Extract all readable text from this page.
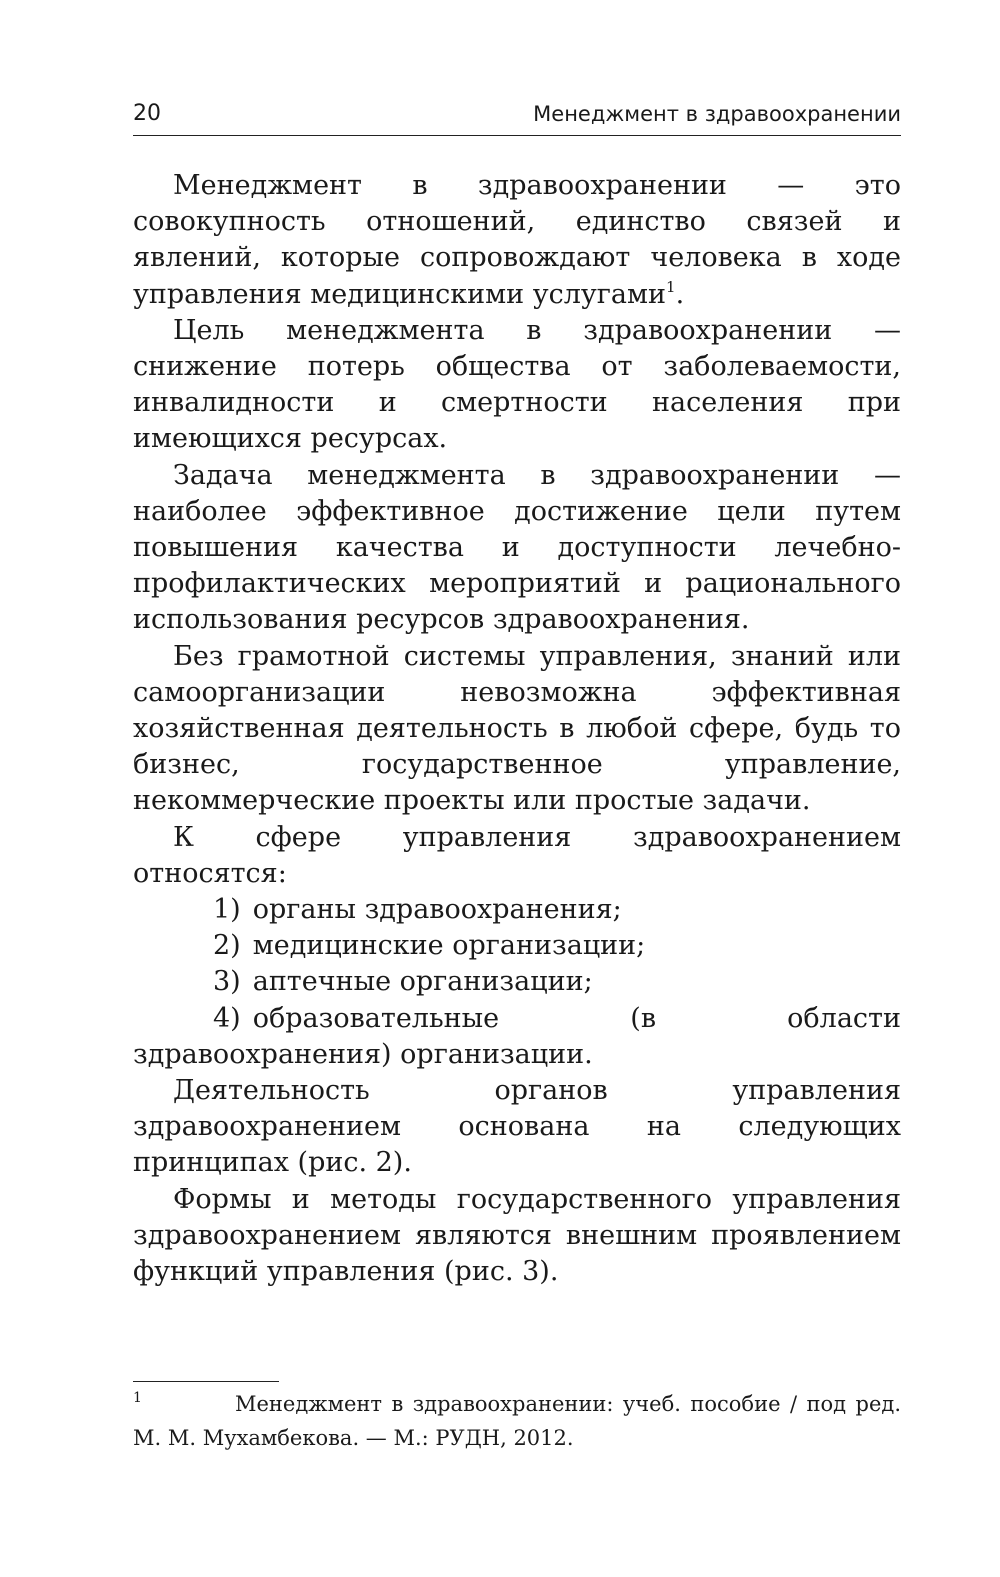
20	Менеджмент в здравоохранении

Менеджмент в здравоохранении — это совокупность отношений, единство связей и явлений, которые сопровождают человека в ходе управления медицинскими услугами$^1$.

Цель менеджмента в здравоохранении — снижение потерь общества от заболеваемости, инвалидности и смертности населения при имеющихся ресурсах.

Задача менеджмента в здравоохранении — наиболее эффективное достижение цели путем повышения качества и доступности лечебно-профилактических мероприятий и рационального использования ресурсов здравоохранения.

Без грамотной системы управления, знаний или самоорганизации невозможна эффективная хозяйственная деятельность в любой сфере, будь то бизнес, государственное управление, некоммерческие проекты или простые задачи.

К сфере управления здравоохранением относятся:

1) органы здравоохранения;

2) медицинские организации;

3) аптечные организации;

4) образовательные (в области здравоохранения) организации.

Деятельность органов управления здравоохранением основана на следующих принципах (рис. 2).

Формы и методы государственного управления здравоохранением являются внешним проявлением функций управления (рис. 3).

$^1$	Менеджмент в здравоохранении: учеб. пособие / под ред. М. М. Мухамбекова. — М.: РУДН, 2012.
